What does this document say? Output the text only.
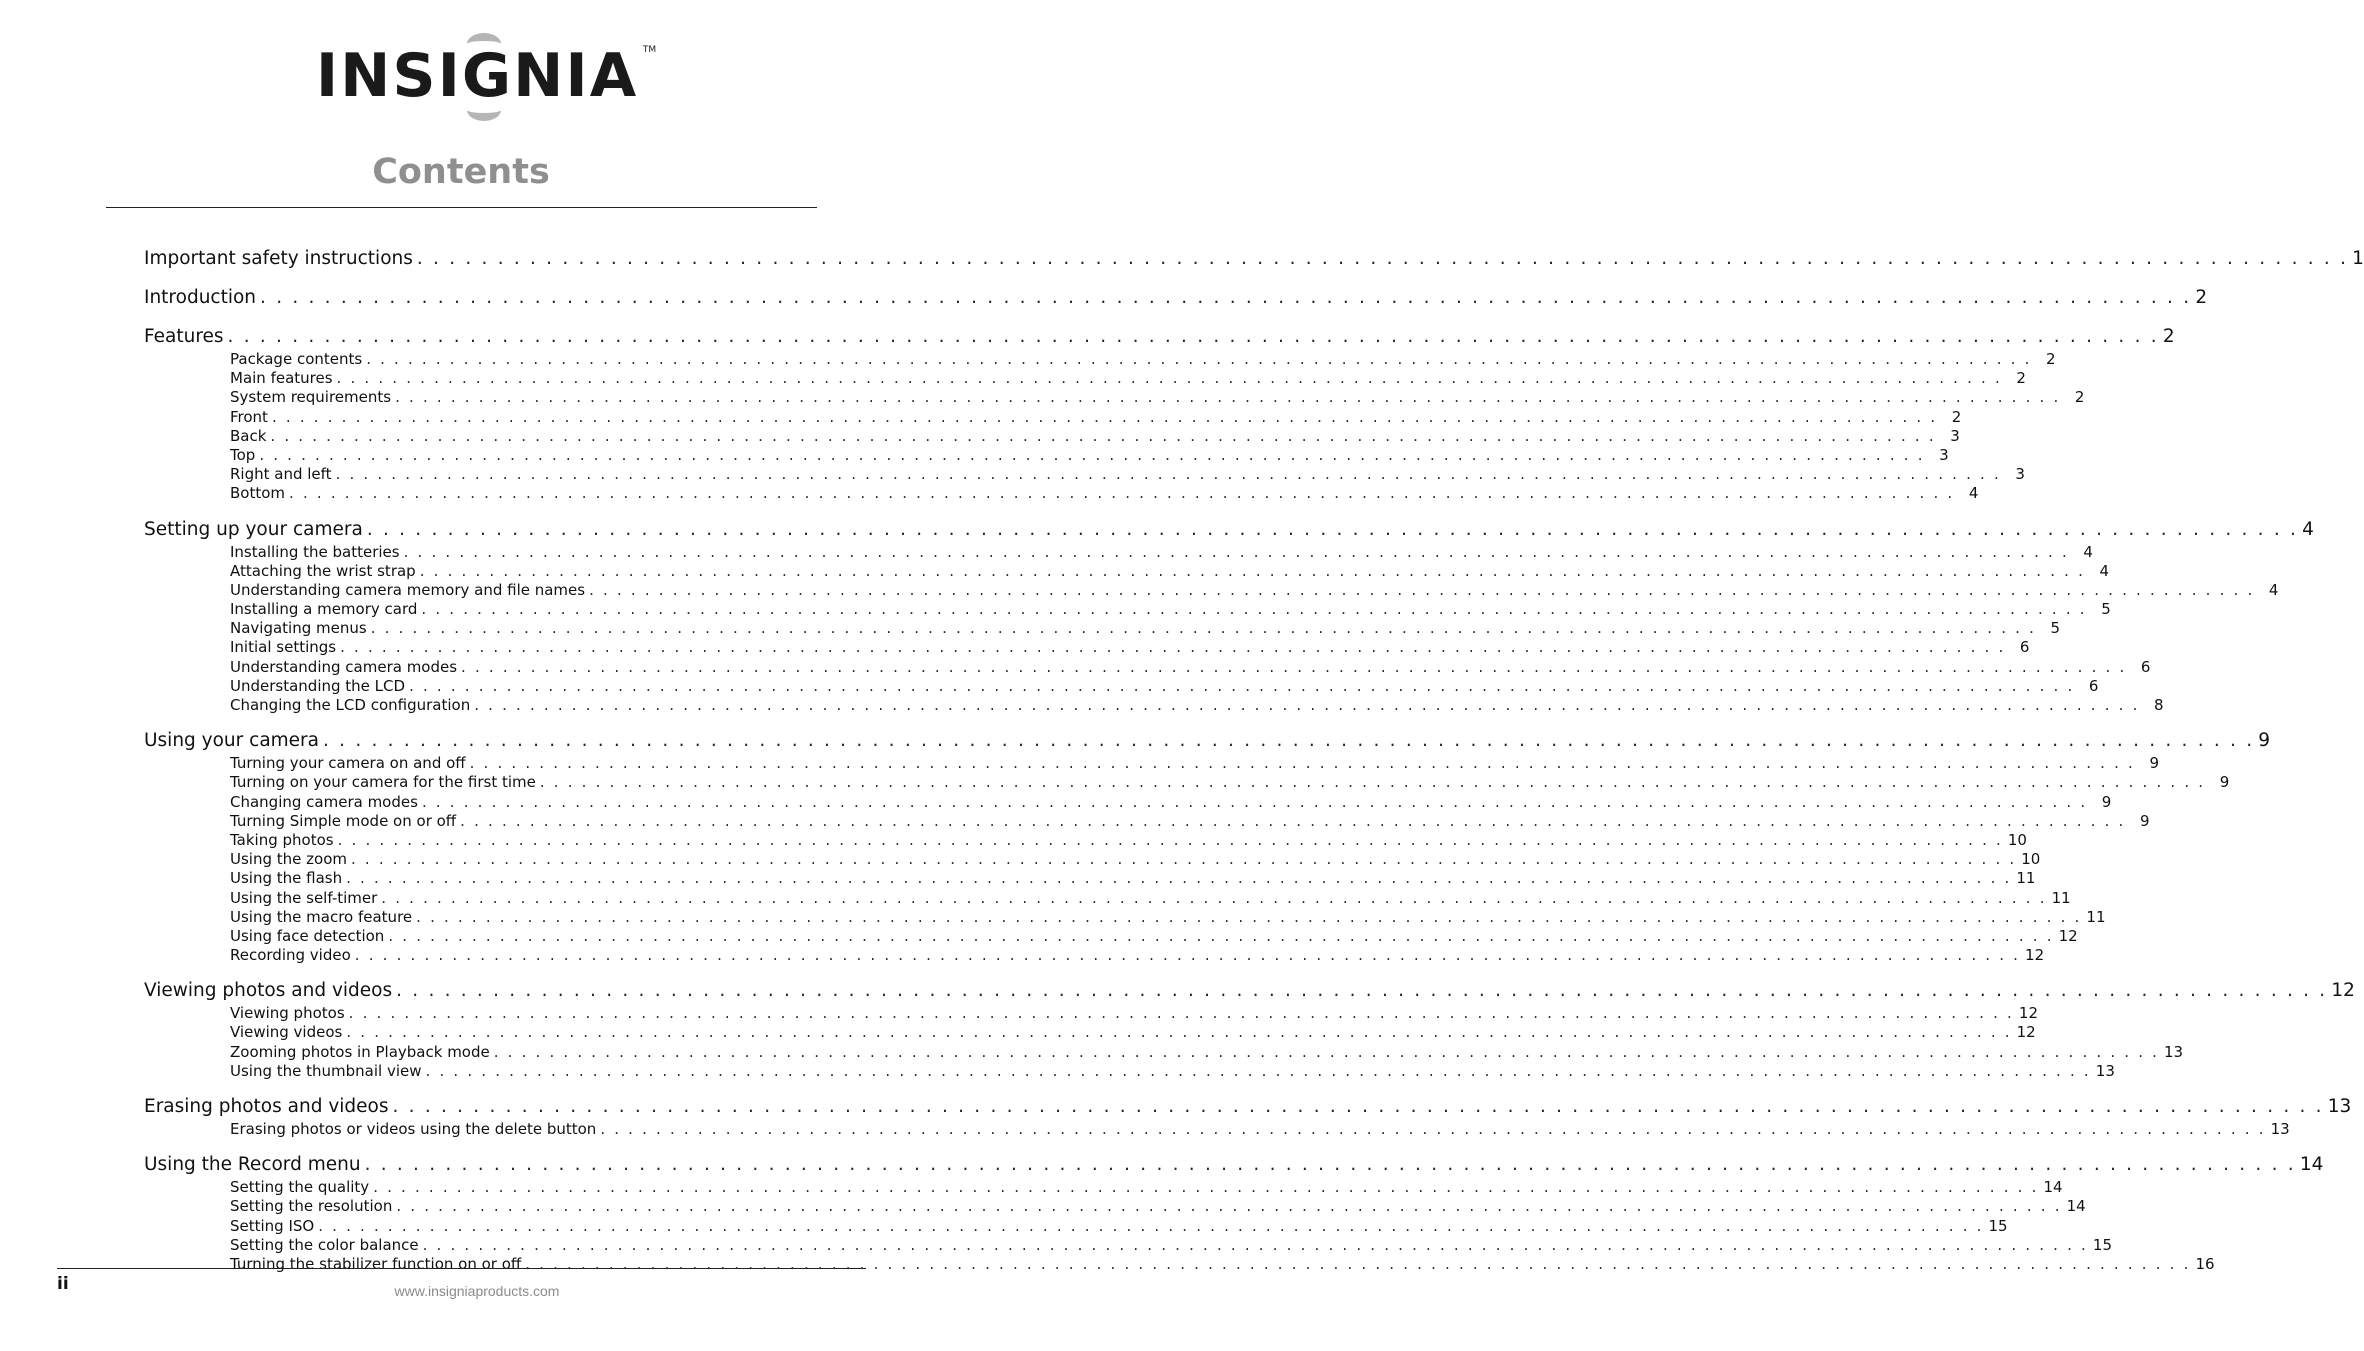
INSIGNIA TM
Contents
Important safety instructions . . . . . . . . . . . . . . . . . . . . . . . . . . . . . . . . . . . . . . . . . . . . . . . . . . . . . . . . . . . . . . . . . . . . . . . . . . . . . . . . . . . . . . . . . . . . . . . . . . . . . . . . . . . . . . . . . . . . . . . . 1
Introduction . . . . . . . . . . . . . . . . . . . . . . . . . . . . . . . . . . . . . . . . . . . . . . . . . . . . . . . . . . . . . . . . . . . . . . . . . . . . . . . . . . . . . . . . . . . . . . . . . . . . . . . . . . . . . . . . . . . . . . . . 2
Features . . . . . . . . . . . . . . . . . . . . . . . . . . . . . . . . . . . . . . . . . . . . . . . . . . . . . . . . . . . . . . . . . . . . . . . . . . . . . . . . . . . . . . . . . . . . . . . . . . . . . . . . . . . . . . . . . . . . . . . . 2
Package contents . . . . . . . . . . . . . . . . . . . . . . . . . . . . . . . . . . . . . . . . . . . . . . . . . . . . . . . . . . . . . . . . . . . . . . . . . . . . . . . . . . . . . . . . . . . . . . . . . . . . . . . . . . . . . . . . . . . . . . . . 2
Main features . . . . . . . . . . . . . . . . . . . . . . . . . . . . . . . . . . . . . . . . . . . . . . . . . . . . . . . . . . . . . . . . . . . . . . . . . . . . . . . . . . . . . . . . . . . . . . . . . . . . . . . . . . . . . . . . . . . . . . . . 2
System requirements . . . . . . . . . . . . . . . . . . . . . . . . . . . . . . . . . . . . . . . . . . . . . . . . . . . . . . . . . . . . . . . . . . . . . . . . . . . . . . . . . . . . . . . . . . . . . . . . . . . . . . . . . . . . . . . . . . . . . . . . 2
Front . . . . . . . . . . . . . . . . . . . . . . . . . . . . . . . . . . . . . . . . . . . . . . . . . . . . . . . . . . . . . . . . . . . . . . . . . . . . . . . . . . . . . . . . . . . . . . . . . . . . . . . . . . . . . . . . . . . . . . . . 2
Back . . . . . . . . . . . . . . . . . . . . . . . . . . . . . . . . . . . . . . . . . . . . . . . . . . . . . . . . . . . . . . . . . . . . . . . . . . . . . . . . . . . . . . . . . . . . . . . . . . . . . . . . . . . . . . . . . . . . . . . . 3
Top . . . . . . . . . . . . . . . . . . . . . . . . . . . . . . . . . . . . . . . . . . . . . . . . . . . . . . . . . . . . . . . . . . . . . . . . . . . . . . . . . . . . . . . . . . . . . . . . . . . . . . . . . . . . . . . . . . . . . . . . 3
Right and left . . . . . . . . . . . . . . . . . . . . . . . . . . . . . . . . . . . . . . . . . . . . . . . . . . . . . . . . . . . . . . . . . . . . . . . . . . . . . . . . . . . . . . . . . . . . . . . . . . . . . . . . . . . . . . . . . . . . . . . . 3
Bottom . . . . . . . . . . . . . . . . . . . . . . . . . . . . . . . . . . . . . . . . . . . . . . . . . . . . . . . . . . . . . . . . . . . . . . . . . . . . . . . . . . . . . . . . . . . . . . . . . . . . . . . . . . . . . . . . . . . . . . . . 4
Setting up your camera . . . . . . . . . . . . . . . . . . . . . . . . . . . . . . . . . . . . . . . . . . . . . . . . . . . . . . . . . . . . . . . . . . . . . . . . . . . . . . . . . . . . . . . . . . . . . . . . . . . . . . . . . . . . . . . . . . . . . . . . 4
Installing the batteries . . . . . . . . . . . . . . . . . . . . . . . . . . . . . . . . . . . . . . . . . . . . . . . . . . . . . . . . . . . . . . . . . . . . . . . . . . . . . . . . . . . . . . . . . . . . . . . . . . . . . . . . . . . . . . . . . . . . . . . . 4
Attaching the wrist strap . . . . . . . . . . . . . . . . . . . . . . . . . . . . . . . . . . . . . . . . . . . . . . . . . . . . . . . . . . . . . . . . . . . . . . . . . . . . . . . . . . . . . . . . . . . . . . . . . . . . . . . . . . . . . . . . . . . . . . . . 4
Understanding camera memory and file names . . . . . . . . . . . . . . . . . . . . . . . . . . . . . . . . . . . . . . . . . . . . . . . . . . . . . . . . . . . . . . . . . . . . . . . . . . . . . . . . . . . . . . . . . . . . . . . . . . . . . . . . . . . . . . . . . . . . . . . . 4
Installing a memory card . . . . . . . . . . . . . . . . . . . . . . . . . . . . . . . . . . . . . . . . . . . . . . . . . . . . . . . . . . . . . . . . . . . . . . . . . . . . . . . . . . . . . . . . . . . . . . . . . . . . . . . . . . . . . . . . . . . . . . . . 5
Navigating menus . . . . . . . . . . . . . . . . . . . . . . . . . . . . . . . . . . . . . . . . . . . . . . . . . . . . . . . . . . . . . . . . . . . . . . . . . . . . . . . . . . . . . . . . . . . . . . . . . . . . . . . . . . . . . . . . . . . . . . . . 5
Initial settings . . . . . . . . . . . . . . . . . . . . . . . . . . . . . . . . . . . . . . . . . . . . . . . . . . . . . . . . . . . . . . . . . . . . . . . . . . . . . . . . . . . . . . . . . . . . . . . . . . . . . . . . . . . . . . . . . . . . . . . . 6
Understanding camera modes . . . . . . . . . . . . . . . . . . . . . . . . . . . . . . . . . . . . . . . . . . . . . . . . . . . . . . . . . . . . . . . . . . . . . . . . . . . . . . . . . . . . . . . . . . . . . . . . . . . . . . . . . . . . . . . . . . . . . . . . 6
Understanding the LCD . . . . . . . . . . . . . . . . . . . . . . . . . . . . . . . . . . . . . . . . . . . . . . . . . . . . . . . . . . . . . . . . . . . . . . . . . . . . . . . . . . . . . . . . . . . . . . . . . . . . . . . . . . . . . . . . . . . . . . . . 6
Changing the LCD configuration . . . . . . . . . . . . . . . . . . . . . . . . . . . . . . . . . . . . . . . . . . . . . . . . . . . . . . . . . . . . . . . . . . . . . . . . . . . . . . . . . . . . . . . . . . . . . . . . . . . . . . . . . . . . . . . . . . . . . . . . 8
Using your camera . . . . . . . . . . . . . . . . . . . . . . . . . . . . . . . . . . . . . . . . . . . . . . . . . . . . . . . . . . . . . . . . . . . . . . . . . . . . . . . . . . . . . . . . . . . . . . . . . . . . . . . . . . . . . . . . . . . . . . . . 9
Turning your camera on and off . . . . . . . . . . . . . . . . . . . . . . . . . . . . . . . . . . . . . . . . . . . . . . . . . . . . . . . . . . . . . . . . . . . . . . . . . . . . . . . . . . . . . . . . . . . . . . . . . . . . . . . . . . . . . . . . . . . . . . . . 9
Turning on your camera for the first time . . . . . . . . . . . . . . . . . . . . . . . . . . . . . . . . . . . . . . . . . . . . . . . . . . . . . . . . . . . . . . . . . . . . . . . . . . . . . . . . . . . . . . . . . . . . . . . . . . . . . . . . . . . . . . . . . . . . . . . . 9
Changing camera modes . . . . . . . . . . . . . . . . . . . . . . . . . . . . . . . . . . . . . . . . . . . . . . . . . . . . . . . . . . . . . . . . . . . . . . . . . . . . . . . . . . . . . . . . . . . . . . . . . . . . . . . . . . . . . . . . . . . . . . . . 9
Turning Simple mode on or off . . . . . . . . . . . . . . . . . . . . . . . . . . . . . . . . . . . . . . . . . . . . . . . . . . . . . . . . . . . . . . . . . . . . . . . . . . . . . . . . . . . . . . . . . . . . . . . . . . . . . . . . . . . . . . . . . . . . . . . . 9
Taking photos . . . . . . . . . . . . . . . . . . . . . . . . . . . . . . . . . . . . . . . . . . . . . . . . . . . . . . . . . . . . . . . . . . . . . . . . . . . . . . . . . . . . . . . . . . . . . . . . . . . . . . . . . . . . . . . . . . . . . . . . 10
Using the zoom . . . . . . . . . . . . . . . . . . . . . . . . . . . . . . . . . . . . . . . . . . . . . . . . . . . . . . . . . . . . . . . . . . . . . . . . . . . . . . . . . . . . . . . . . . . . . . . . . . . . . . . . . . . . . . . . . . . . . . . . 10
Using the flash . . . . . . . . . . . . . . . . . . . . . . . . . . . . . . . . . . . . . . . . . . . . . . . . . . . . . . . . . . . . . . . . . . . . . . . . . . . . . . . . . . . . . . . . . . . . . . . . . . . . . . . . . . . . . . . . . . . . . . . . 11
Using the self-timer . . . . . . . . . . . . . . . . . . . . . . . . . . . . . . . . . . . . . . . . . . . . . . . . . . . . . . . . . . . . . . . . . . . . . . . . . . . . . . . . . . . . . . . . . . . . . . . . . . . . . . . . . . . . . . . . . . . . . . . . 11
Using the macro feature . . . . . . . . . . . . . . . . . . . . . . . . . . . . . . . . . . . . . . . . . . . . . . . . . . . . . . . . . . . . . . . . . . . . . . . . . . . . . . . . . . . . . . . . . . . . . . . . . . . . . . . . . . . . . . . . . . . . . . . . 11
Using face detection . . . . . . . . . . . . . . . . . . . . . . . . . . . . . . . . . . . . . . . . . . . . . . . . . . . . . . . . . . . . . . . . . . . . . . . . . . . . . . . . . . . . . . . . . . . . . . . . . . . . . . . . . . . . . . . . . . . . . . . . 12
Recording video . . . . . . . . . . . . . . . . . . . . . . . . . . . . . . . . . . . . . . . . . . . . . . . . . . . . . . . . . . . . . . . . . . . . . . . . . . . . . . . . . . . . . . . . . . . . . . . . . . . . . . . . . . . . . . . . . . . . . . . . 12
Viewing photos and videos . . . . . . . . . . . . . . . . . . . . . . . . . . . . . . . . . . . . . . . . . . . . . . . . . . . . . . . . . . . . . . . . . . . . . . . . . . . . . . . . . . . . . . . . . . . . . . . . . . . . . . . . . . . . . . . . . . . . . . . . 12
Viewing photos . . . . . . . . . . . . . . . . . . . . . . . . . . . . . . . . . . . . . . . . . . . . . . . . . . . . . . . . . . . . . . . . . . . . . . . . . . . . . . . . . . . . . . . . . . . . . . . . . . . . . . . . . . . . . . . . . . . . . . . . 12
Viewing videos . . . . . . . . . . . . . . . . . . . . . . . . . . . . . . . . . . . . . . . . . . . . . . . . . . . . . . . . . . . . . . . . . . . . . . . . . . . . . . . . . . . . . . . . . . . . . . . . . . . . . . . . . . . . . . . . . . . . . . . . 12
Zooming photos in Playback mode . . . . . . . . . . . . . . . . . . . . . . . . . . . . . . . . . . . . . . . . . . . . . . . . . . . . . . . . . . . . . . . . . . . . . . . . . . . . . . . . . . . . . . . . . . . . . . . . . . . . . . . . . . . . . . . . . . . . . . . . 13
Using the thumbnail view . . . . . . . . . . . . . . . . . . . . . . . . . . . . . . . . . . . . . . . . . . . . . . . . . . . . . . . . . . . . . . . . . . . . . . . . . . . . . . . . . . . . . . . . . . . . . . . . . . . . . . . . . . . . . . . . . . . . . . . . 13
Erasing photos and videos . . . . . . . . . . . . . . . . . . . . . . . . . . . . . . . . . . . . . . . . . . . . . . . . . . . . . . . . . . . . . . . . . . . . . . . . . . . . . . . . . . . . . . . . . . . . . . . . . . . . . . . . . . . . . . . . . . . . . . . . 13
Erasing photos or videos using the delete button . . . . . . . . . . . . . . . . . . . . . . . . . . . . . . . . . . . . . . . . . . . . . . . . . . . . . . . . . . . . . . . . . . . . . . . . . . . . . . . . . . . . . . . . . . . . . . . . . . . . . . . . . . . . . . . . . . . . . . . . 13
Using the Record menu . . . . . . . . . . . . . . . . . . . . . . . . . . . . . . . . . . . . . . . . . . . . . . . . . . . . . . . . . . . . . . . . . . . . . . . . . . . . . . . . . . . . . . . . . . . . . . . . . . . . . . . . . . . . . . . . . . . . . . . . 14
Setting the quality . . . . . . . . . . . . . . . . . . . . . . . . . . . . . . . . . . . . . . . . . . . . . . . . . . . . . . . . . . . . . . . . . . . . . . . . . . . . . . . . . . . . . . . . . . . . . . . . . . . . . . . . . . . . . . . . . . . . . . . . 14
Setting the resolution . . . . . . . . . . . . . . . . . . . . . . . . . . . . . . . . . . . . . . . . . . . . . . . . . . . . . . . . . . . . . . . . . . . . . . . . . . . . . . . . . . . . . . . . . . . . . . . . . . . . . . . . . . . . . . . . . . . . . . . . 14
Setting ISO . . . . . . . . . . . . . . . . . . . . . . . . . . . . . . . . . . . . . . . . . . . . . . . . . . . . . . . . . . . . . . . . . . . . . . . . . . . . . . . . . . . . . . . . . . . . . . . . . . . . . . . . . . . . . . . . . . . . . . . . 15
Setting the color balance . . . . . . . . . . . . . . . . . . . . . . . . . . . . . . . . . . . . . . . . . . . . . . . . . . . . . . . . . . . . . . . . . . . . . . . . . . . . . . . . . . . . . . . . . . . . . . . . . . . . . . . . . . . . . . . . . . . . . . . . 15
Turning the stabilizer function on or off . . . . . . . . . . . . . . . . . . . . . . . . . . . . . . . . . . . . . . . . . . . . . . . . . . . . . . . . . . . . . . . . . . . . . . . . . . . . . . . . . . . . . . . . . . . . . . . . . . . . . . . . . . . . . . . . . . . . . . . . 16
ii	www.insigniaproducts.com
